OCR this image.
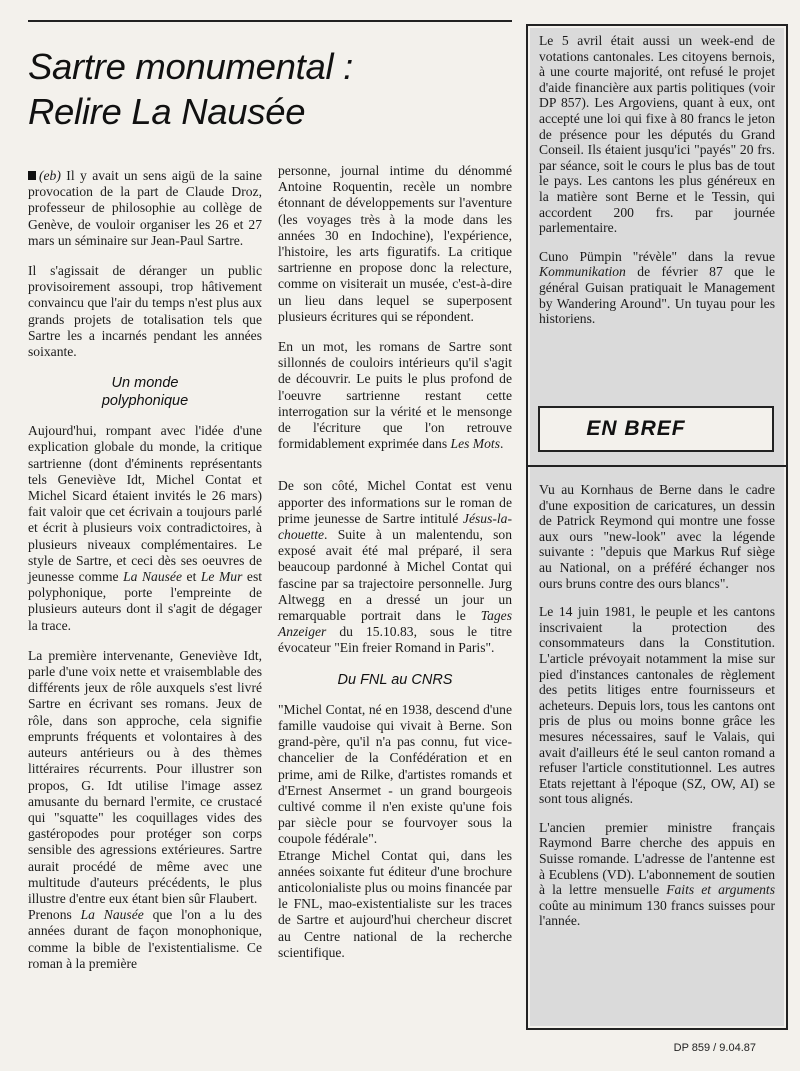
Sartre monumental :
Relire La Nausée

(eb) Il y avait un sens aigü de la saine provocation de la part de Claude Droz, professeur de philosophie au collège de Genève, de vouloir organiser les 26 et 27 mars un séminaire sur Jean-Paul Sartre.

Il s'agissait de déranger un public provisoirement assoupi, trop hâtivement convaincu que l'air du temps n'est plus aux grands projets de totalisation tels que Sartre les a incarnés pendant les années soixante.

Un monde
polyphonique

Aujourd'hui, rompant avec l'idée d'une explication globale du monde, la critique sartrienne (dont d'éminents représentants tels Geneviève Idt, Michel Contat et Michel Sicard étaient invités le 26 mars) fait valoir que cet écrivain a toujours parlé et écrit à plusieurs voix contradictoires, à plusieurs niveaux complémentaires. Le style de Sartre, et ceci dès ses oeuvres de jeunesse comme La Nausée et Le Mur est polyphonique, porte l'empreinte de plusieurs auteurs dont il s'agit de dégager la trace.

La première intervenante, Geneviève Idt, parle d'une voix nette et vraisemblable des différents jeux de rôle auxquels s'est livré Sartre en écrivant ses romans. Jeux de rôle, dans son approche, cela signifie emprunts fréquents et volontaires à des auteurs antérieurs ou à des thèmes littéraires récurrents. Pour illustrer son propos, G. Idt utilise l'image assez amusante du bernard l'ermite, ce crustacé qui "squatte" les coquillages vides des gastéropodes pour protéger son corps sensible des agressions extérieures. Sartre aurait procédé de même avec une multitude d'auteurs précédents, le plus illustre d'entre eux étant bien sûr Flaubert.

Prenons La Nausée que l'on a lu des années durant de façon monophonique, comme la bible de l'existentialisme. Ce roman à la première

personne, journal intime du dénommé Antoine Roquentin, recèle un nombre étonnant de développements sur l'aventure (les voyages très à la mode dans les années 30 en Indochine), l'expérience, l'histoire, les arts figuratifs. La critique sartrienne en propose donc la relecture, comme on visiterait un musée, c'est-à-dire un lieu dans lequel se superposent plusieurs écritures qui se répondent.

En un mot, les romans de Sartre sont sillonnés de couloirs intérieurs qu'il s'agit de découvrir. Le puits le plus profond de l'oeuvre sartrienne restant cette interrogation sur la vérité et le mensonge de l'écriture que l'on retrouve formidablement exprimée dans Les Mots.

De son côté, Michel Contat est venu apporter des informations sur le roman de prime jeunesse de Sartre intitulé Jésus-la-chouette. Suite à un malentendu, son exposé avait été mal préparé, il sera beaucoup pardonné à Michel Contat qui fascine par sa trajectoire personnelle. Jurg Altwegg en a dressé un jour un remarquable portrait dans le Tages Anzeiger du 15.10.83, sous le titre évocateur "Ein freier Romand in Paris".

Du FNL au CNRS

"Michel Contat, né en 1938, descend d'une famille vaudoise qui vivait à Berne. Son grand-père, qu'il n'a pas connu, fut vice-chancelier de la Confédération et en prime, ami de Rilke, d'artistes romands et d'Ernest Ansermet - un grand bourgeois cultivé comme il n'en existe qu'une fois par siècle pour se fourvoyer sous la coupole fédérale".

Etrange Michel Contat qui, dans les années soixante fut éditeur d'une brochure anticolonialiste plus ou moins financée par le FNL, mao-existentialiste sur les traces de Sartre et aujourd'hui chercheur discret au Centre national de la recherche scientifique.

Le 5 avril était aussi un week-end de votations cantonales. Les citoyens bernois, à une courte majorité, ont refusé le projet d'aide financière aux partis politiques (voir DP 857). Les Argoviens, quant à eux, ont accepté une loi qui fixe à 80 francs le jeton de présence pour les députés du Grand Conseil. Ils étaient jusqu'ici "payés" 20 frs. par séance, soit le cours le plus bas de tout le pays. Les cantons les plus généreux en la matière sont Berne et le Tessin, qui accordent 200 frs. par journée parlementaire.

Cuno Pümpin "révèle" dans la revue Kommunikation de février 87 que le général Guisan pratiquait le Management by Wandering Around". Un tuyau pour les historiens.

EN BREF

Vu au Kornhaus de Berne dans le cadre d'une exposition de caricatures, un dessin de Patrick Reymond qui montre une fosse aux ours "new-look" avec la légende suivante : "depuis que Markus Ruf siège au National, on a préféré échanger nos ours bruns contre des ours blancs".

Le 14 juin 1981, le peuple et les cantons inscrivaient la protection des consommateurs dans la Constitution. L'article prévoyait notamment la mise sur pied d'instances cantonales de règlement des petits litiges entre fournisseurs et acheteurs. Depuis lors, tous les cantons ont pris de plus ou moins bonne grâce les mesures nécessaires, sauf le Valais, qui avait d'ailleurs été le seul canton romand a refuser l'article constitutionnel. Les autres Etats rejettant à l'époque (SZ, OW, AI) se sont tous alignés.

L'ancien premier ministre français Raymond Barre cherche des appuis en Suisse romande. L'adresse de l'antenne est à Ecublens (VD). L'abonnement de soutien à la lettre mensuelle Faits et arguments coûte au minimum 130 francs suisses pour l'année.

DP 859 / 9.04.87
